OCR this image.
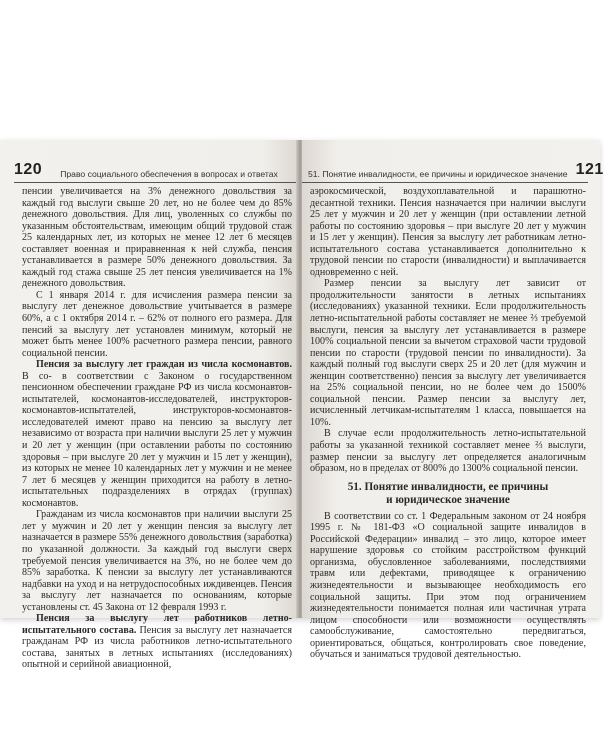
120 Право социального обеспечения в вопросах и ответах

пенсии увеличивается на 3% денежного довольствия за каждый год выслуги свыше 20 лет, но не более чем до 85% денежного довольствия. Для лиц, уволенных со службы по указанным обстоятельствам, имеющим общий трудовой стаж 25 календарных лет, из которых не менее 12 лет 6 месяцев составляет военная и приравненная к ней служба, пенсия устанавливается в размере 50% денежного довольствия. За каждый год стажа свыше 25 лет пенсия увеличивается на 1% денежного довольствия.

С 1 января 2014 г. для исчисления размера пенсии за выслугу лет денежное довольствие учитывается в размере 60%, а с 1 октября 2014 г. – 62% от полного его размера. Для пенсий за выслугу лет установлен минимум, который не может быть менее 100% расчетного размера пенсии, равного социальной пенсии.

Пенсия за выслугу лет граждан из числа космонавтов. В со- в соответствии с Законом о государственном пенсионном обеспечении граждане РФ из числа космонавтов-испытателей, космонавтов-исследователей, инструкторов-космонавтов-испытателей, инструкторов-космонавтов-исследователей имеют право на пенсию за выслугу лет независимо от возраста при наличии выслуги 25 лет у мужчин и 20 лет у женщин (при оставлении работы по состоянию здоровья – при выслуге 20 лет у мужчин и 15 лет у женщин), из которых не менее 10 календарных лет у мужчин и не менее 7 лет 6 месяцев у женщин приходится на работу в летно-испытательных подразделениях в отрядах (группах) космонавтов.

Гражданам из числа космонавтов при наличии выслуги 25 лет у мужчин и 20 лет у женщин пенсия за выслугу лет назначается в размере 55% денежного довольствия (заработка) по указанной должности. За каждый год выслуги сверх требуемой пенсия увеличивается на 3%, но не более чем до 85% заработка. К пенсии за выслугу лет устанавливаются надбавки на уход и на нетрудоспособных иждивенцев. Пенсия за выслугу лет назначается по основаниям, которые установлены ст. 45 Закона от 12 февраля 1993 г.

Пенсия за выслугу лет работников летно-испытательного состава. Пенсия за выслугу лет назначается гражданам РФ из числа работников летно-испытательного состава, занятых в летных испытаниях (исследованиях) опытной и серийной авиационной,

51. Понятие инвалидности, ее причины и юридическое значение 121

аэрокосмической, воздухоплавательной и парашютно-десантной техники. Пенсия назначается при наличии выслуги 25 лет у мужчин и 20 лет у женщин (при оставлении летной работы по состоянию здоровья – при выслуге 20 лет у мужчин и 15 лет у женщин). Пенсия за выслугу лет работникам летно-испытательного состава устанавливается дополнительно к трудовой пенсии по старости (инвалидности) и выплачивается одновременно с ней.

Размер пенсии за выслугу лет зависит от продолжительности занятости в летных испытаниях (исследованиях) указанной техники. Если продолжительность летно-испытательной работы составляет не менее ⅔ требуемой выслуги, пенсия за выслугу лет устанавливается в размере 100% социальной пенсии за вычетом страховой части трудовой пенсии по старости (трудовой пенсии по инвалидности). За каждый полный год выслуги сверх 25 и 20 лет (для мужчин и женщин соответственно) пенсия за выслугу лет увеличивается на 25% социальной пенсии, но не более чем до 1500% социальной пенсии. Размер пенсии за выслугу лет, исчисленный летчикам-испытателям 1 класса, повышается на 10%.

В случае если продолжительность летно-испытательной работы за указанной техникой составляет менее ⅔ выслуги, размер пенсии за выслугу лет определяется аналогичным образом, но в пределах от 800% до 1300% социальной пенсии.

51. Понятие инвалидности, ее причины
и юридическое значение

В соответствии со ст. 1 Федеральным законом от 24 ноября 1995 г. № 181-ФЗ «О социальной защите инвалидов в Российской Федерации» инвалид – это лицо, которое имеет нарушение здоровья со стойким расстройством функций организма, обусловленное заболеваниями, последствиями травм или дефектами, приводящее к ограничению жизнедеятельности и вызывающее необходимость его социальной защиты. При этом под ограничением жизнедеятельности понимается полная или частичная утрата лицом способности или возможности осуществлять самообслуживание, самостоятельно передвигаться, ориентироваться, общаться, контролировать свое поведение, обучаться и заниматься трудовой деятельностью.
